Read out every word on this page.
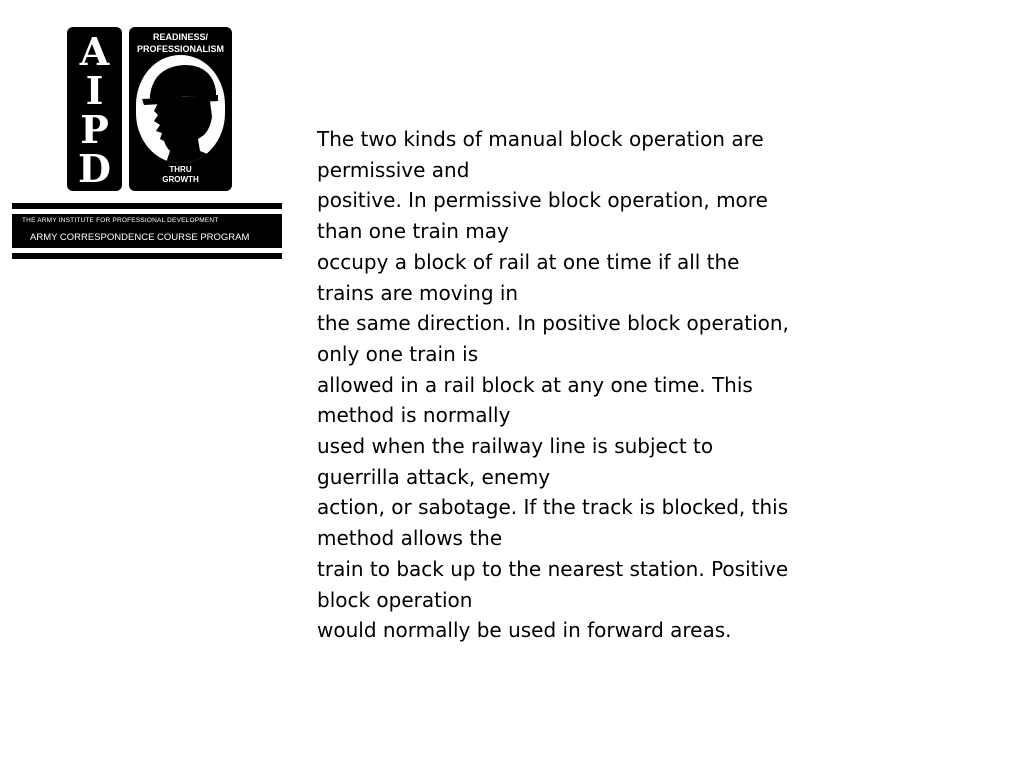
A
I
P
D
READINESS/
PROFESSIONALISM
THRU
GROWTH
THE ARMY INSTITUTE FOR PROFESSIONAL DEVELOPMENT
ARMY CORRESPONDENCE COURSE PROGRAM
The two kinds of manual block operation are
permissive and
positive. In permissive block operation, more
than one train may
occupy a block of rail at one time if all the
trains are moving in
the same direction. In positive block operation,
only one train is
allowed in a rail block at any one time. This
method is normally
used when the railway line is subject to
guerrilla attack, enemy
action, or sabotage. If the track is blocked, this
method allows the
train to back up to the nearest station. Positive
block operation
would normally be used in forward areas.
